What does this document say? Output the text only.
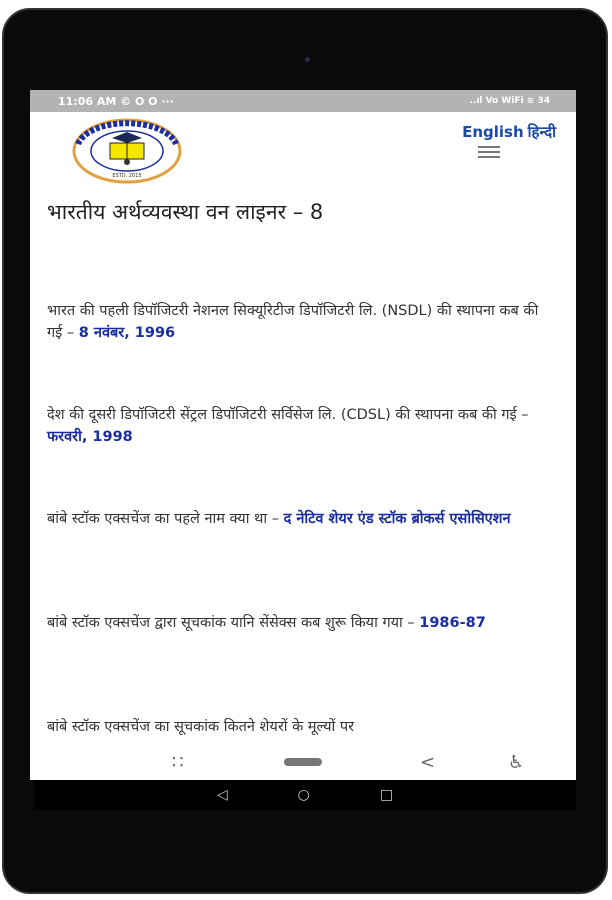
11:06 AM © O O ···	..ıl Vo WiFi ≋ 34
ESTD. 2015
English हिन्दी
भारतीय अर्थव्यवस्था वन लाइनर – 8
भारत की पहली डिपॉजिटरी नेशनल सिक्यूरिटीज डिपॉजिटरी लि. (NSDL) की स्थापना कब की गई – 8 नवंबर, 1996
देश की दूसरी डिपॉजिटरी सेंट्रल डिपॉजिटरी सर्विसेज लि. (CDSL) की स्थापना कब की गई – फरवरी, 1998
बांबे स्टॉक एक्सचेंज का पहले नाम क्या था – द नेटिव शेयर एंड स्टॉक ब्रोकर्स एसोसिएशन
बांबे स्टॉक एक्सचेंज द्वारा सूचकांक यानि सेंसेक्स कब शुरू किया गया – 1986-87
बांबे स्टॉक एक्सचेंज का सूचकांक कितने शेयरों के मूल्यों पर
∷	<	♿
◁	○	□
